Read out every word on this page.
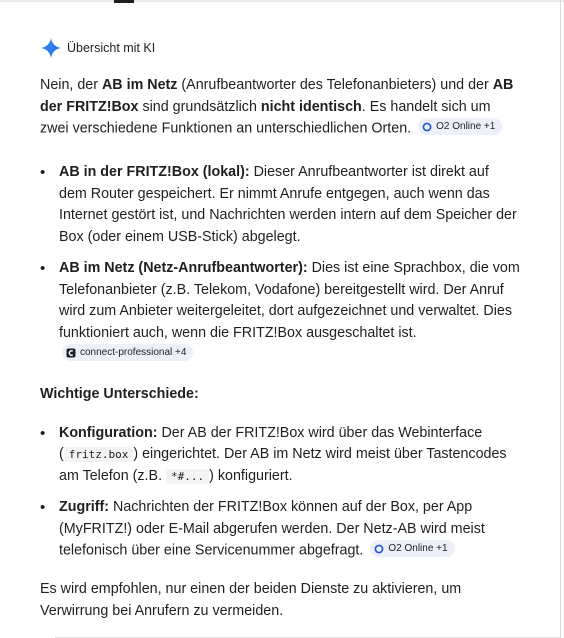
Übersicht mit KI

Nein, der AB im Netz (Anrufbeantworter des Telefonanbieters) und der AB der FRITZ!Box sind grundsätzlich nicht identisch. Es handelt sich um zwei verschiedene Funktionen an unterschiedlichen Orten. O2 Online +1

• AB in der FRITZ!Box (lokal): Dieser Anrufbeantworter ist direkt auf dem Router gespeichert. Er nimmt Anrufe entgegen, auch wenn das Internet gestört ist, und Nachrichten werden intern auf dem Speicher der Box (oder einem USB-Stick) abgelegt.
• AB im Netz (Netz-Anrufbeantworter): Dies ist eine Sprachbox, die vom Telefonanbieter (z.B. Telekom, Vodafone) bereitgestellt wird. Der Anruf wird zum Anbieter weitergeleitet, dort aufgezeichnet und verwaltet. Dies funktioniert auch, wenn die FRITZ!Box ausgeschaltet ist.
connect-professional +4

Wichtige Unterschiede:

• Konfiguration: Der AB der FRITZ!Box wird über das Webinterface ( fritz.box ) eingerichtet. Der AB im Netz wird meist über Tastencodes am Telefon (z.B. *#... ) konfiguriert.
• Zugriff: Nachrichten der FRITZ!Box können auf der Box, per App (MyFRITZ!) oder E-Mail abgerufen werden. Der Netz-AB wird meist telefonisch über eine Servicenummer abgefragt. O2 Online +1

Es wird empfohlen, nur einen der beiden Dienste zu aktivieren, um Verwirrung bei Anrufern zu vermeiden.
